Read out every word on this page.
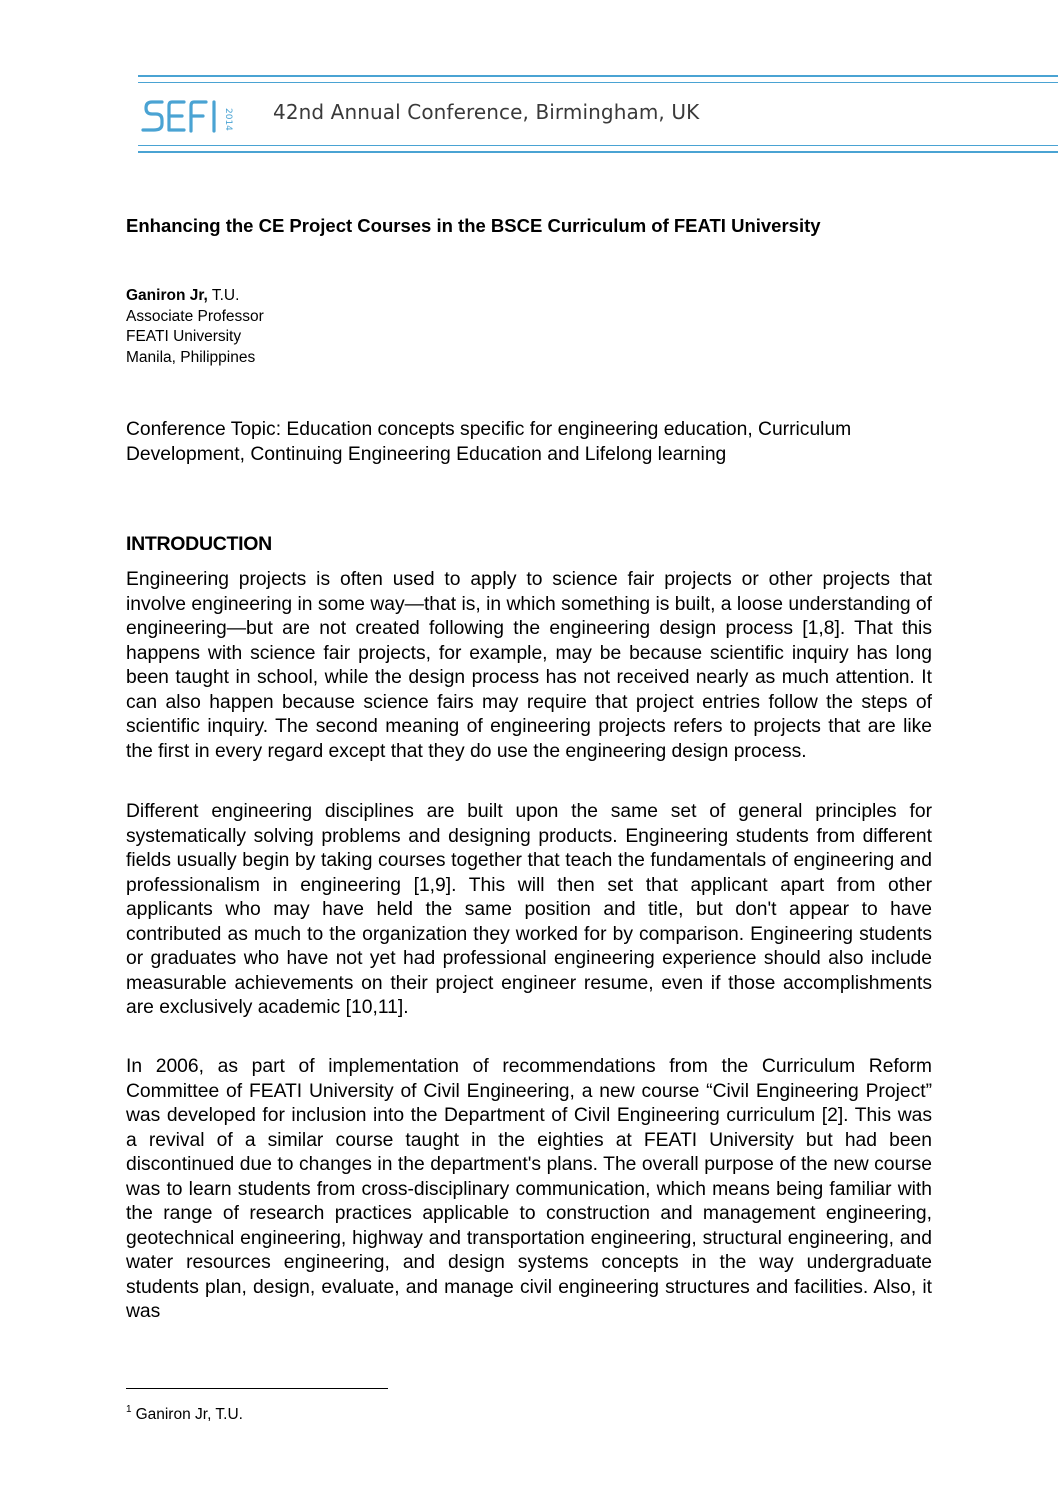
2014 42nd Annual Conference, Birmingham, UK
Enhancing the CE Project Courses in the BSCE Curriculum of FEATI University
Ganiron Jr, T.U.
Associate Professor
FEATI University
Manila, Philippines
Conference Topic: Education concepts specific for engineering education, Curriculum Development, Continuing Engineering Education and Lifelong learning
INTRODUCTION

Engineering projects is often used to apply to science fair projects or other projects that involve engineering in some way—that is, in which something is built, a loose understanding of engineering—but are not created following the engineering design process [1,8]. That this happens with science fair projects, for example, may be because scientific inquiry has long been taught in school, while the design process has not received nearly as much attention. It can also happen because science fairs may require that project entries follow the steps of scientific inquiry. The second meaning of engineering projects refers to projects that are like the first in every regard except that they do use the engineering design process.

Different engineering disciplines are built upon the same set of general principles for systematically solving problems and designing products. Engineering students from different fields usually begin by taking courses together that teach the fundamentals of engineering and professionalism in engineering [1,9]. This will then set that applicant apart from other applicants who may have held the same position and title, but don't appear to have contributed as much to the organization they worked for by comparison. Engineering students or graduates who have not yet had professional engineering experience should also include measurable achievements on their project engineer resume, even if those accomplishments are exclusively academic [10,11].

In 2006, as part of implementation of recommendations from the Curriculum Reform Committee of FEATI University of Civil Engineering, a new course “Civil Engineering Project” was developed for inclusion into the Department of Civil Engineering curriculum [2]. This was a revival of a similar course taught in the eighties at FEATI University but had been discontinued due to changes in the department's plans. The overall purpose of the new course was to learn students from cross-disciplinary communication, which means being familiar with the range of research practices applicable to construction and management engineering, geotechnical engineering, highway and transportation engineering, structural engineering, and water resources engineering, and design systems concepts in the way undergraduate students plan, design, evaluate, and manage civil engineering structures and facilities. Also, it was

$^1$ Ganiron Jr, T.U.
